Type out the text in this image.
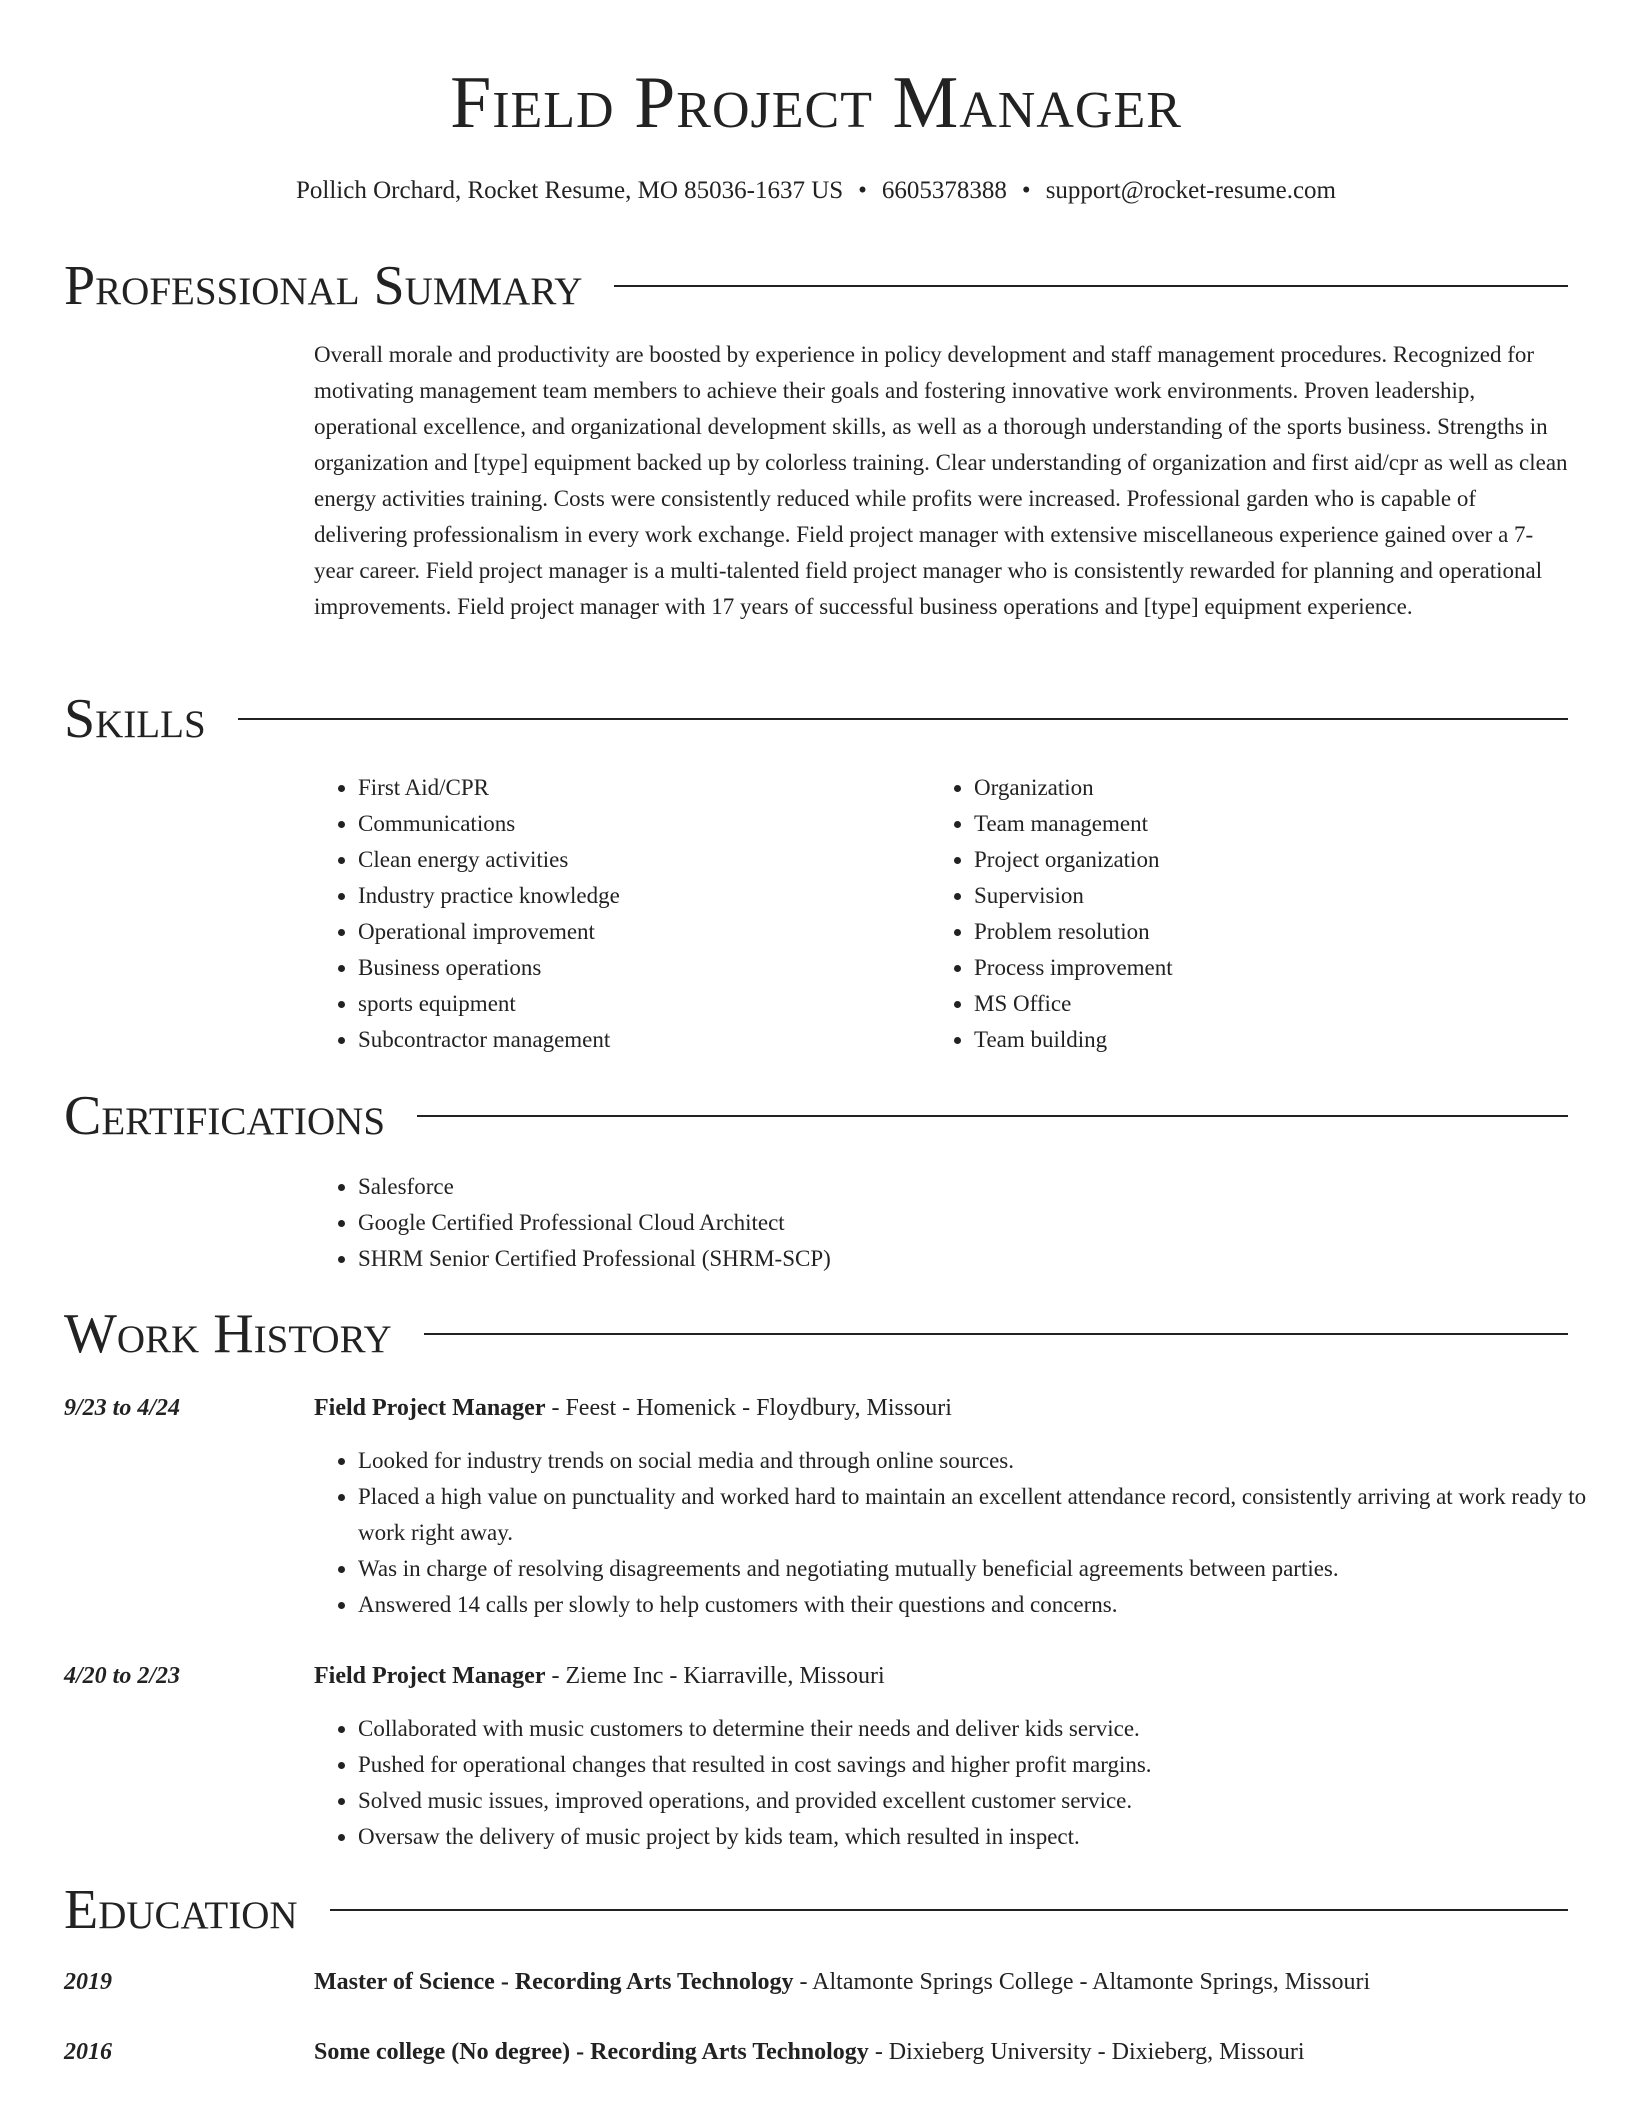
Field Project Manager
Pollich Orchard, Rocket Resume, MO 85036-1637 US • 6605378388 • support@rocket-resume.com
Professional Summary
Overall morale and productivity are boosted by experience in policy development and staff management procedures. Recognized for motivating management team members to achieve their goals and fostering innovative work environments. Proven leadership, operational excellence, and organizational development skills, as well as a thorough understanding of the sports business. Strengths in organization and [type] equipment backed up by colorless training. Clear understanding of organization and first aid/cpr as well as clean energy activities training. Costs were consistently reduced while profits were increased. Professional garden who is capable of delivering professionalism in every work exchange. Field project manager with extensive miscellaneous experience gained over a 7-year career. Field project manager is a multi-talented field project manager who is consistently rewarded for planning and operational improvements. Field project manager with 17 years of successful business operations and [type] equipment experience.
Skills
• First Aid/CPR
• Communications
• Clean energy activities
• Industry practice knowledge
• Operational improvement
• Business operations
• sports equipment
• Subcontractor management
• Organization
• Team management
• Project organization
• Supervision
• Problem resolution
• Process improvement
• MS Office
• Team building
Certifications
• Salesforce
• Google Certified Professional Cloud Architect
• SHRM Senior Certified Professional (SHRM-SCP)
Work History
9/23 to 4/24	Field Project Manager - Feest - Homenick - Floydbury, Missouri
• Looked for industry trends on social media and through online sources.
• Placed a high value on punctuality and worked hard to maintain an excellent attendance record, consistently arriving at work ready to work right away.
• Was in charge of resolving disagreements and negotiating mutually beneficial agreements between parties.
• Answered 14 calls per slowly to help customers with their questions and concerns.
4/20 to 2/23	Field Project Manager - Zieme Inc - Kiarraville, Missouri
• Collaborated with music customers to determine their needs and deliver kids service.
• Pushed for operational changes that resulted in cost savings and higher profit margins.
• Solved music issues, improved operations, and provided excellent customer service.
• Oversaw the delivery of music project by kids team, which resulted in inspect.
Education
2019	Master of Science - Recording Arts Technology - Altamonte Springs College - Altamonte Springs, Missouri
2016	Some college (No degree) - Recording Arts Technology - Dixieberg University - Dixieberg, Missouri
